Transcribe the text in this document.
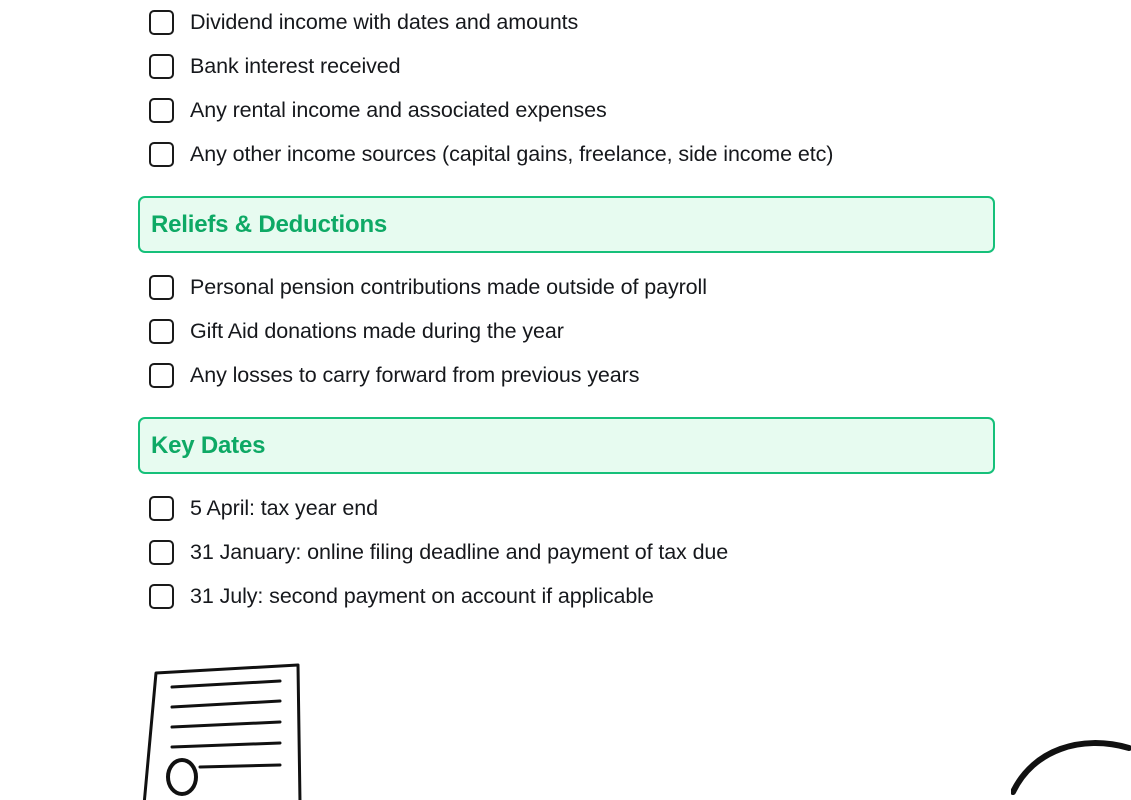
Dividend income with dates and amounts
Bank interest received
Any rental income and associated expenses
Any other income sources (capital gains, freelance, side income etc)
Reliefs & Deductions
Personal pension contributions made outside of payroll
Gift Aid donations made during the year
Any losses to carry forward from previous years
Key Dates
5 April: tax year end
31 January: online filing deadline and payment of tax due
31 July: second payment on account if applicable
